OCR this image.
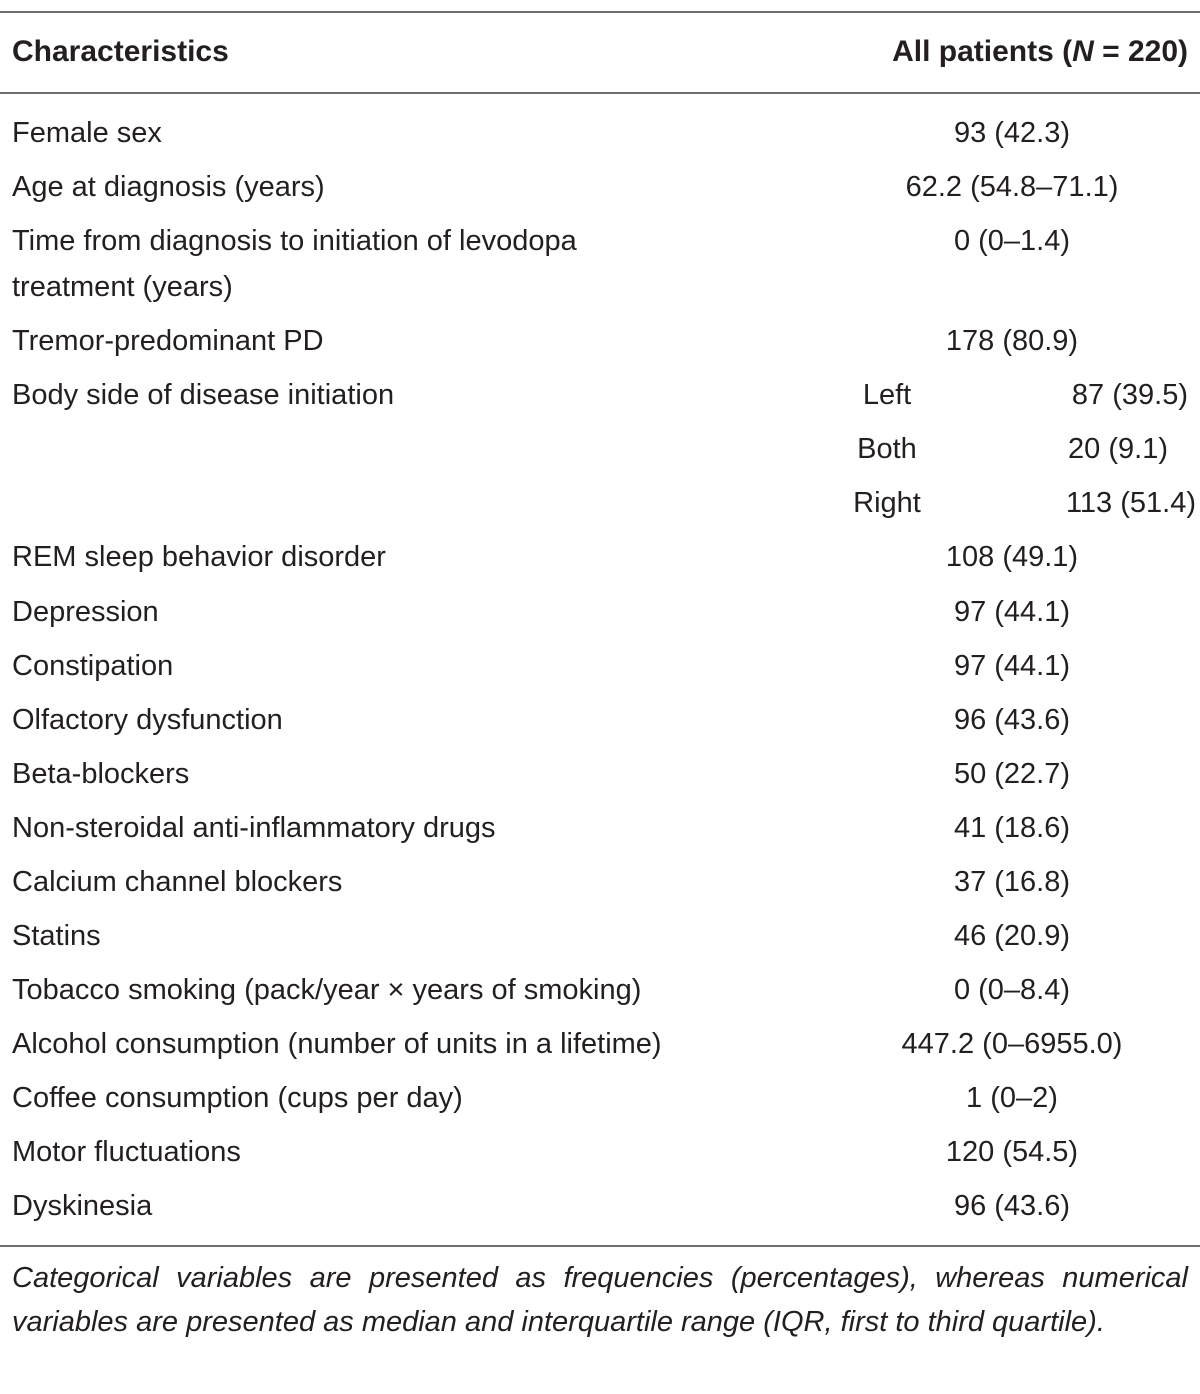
Characteristics	All patients (N = 220)
Female sex	93 (42.3)
Age at diagnosis (years)	62.2 (54.8–71.1)
Time from diagnosis to initiation of levodopa	0 (0–1.4)
treatment (years)
Tremor-predominant PD	178 (80.9)
Body side of disease initiation	Left	87 (39.5)
Both	20 (9.1)
Right	113 (51.4)
REM sleep behavior disorder	108 (49.1)
Depression	97 (44.1)
Constipation	97 (44.1)
Olfactory dysfunction	96 (43.6)
Beta-blockers	50 (22.7)
Non-steroidal anti-inflammatory drugs	41 (18.6)
Calcium channel blockers	37 (16.8)
Statins	46 (20.9)
Tobacco smoking (pack/year × years of smoking)	0 (0–8.4)
Alcohol consumption (number of units in a lifetime)	447.2 (0–6955.0)
Coffee consumption (cups per day)	1 (0–2)
Motor fluctuations	120 (54.5)
Dyskinesia	96 (43.6)
Categorical variables are presented as frequencies (percentages), whereas numerical variables are presented as median and interquartile range (IQR, first to third quartile).
